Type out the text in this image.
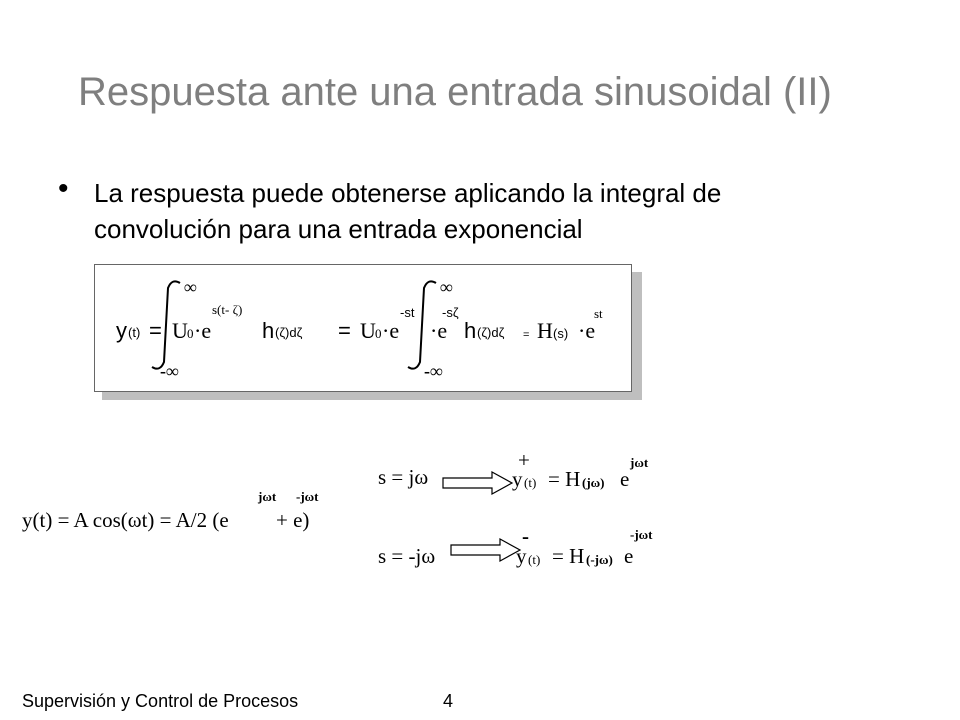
Respuesta ante una entrada sinusoidal (II)
• La respuesta puede obtenerse aplicando la integral de
convolución para una entrada exponencial
y (t) =
∞
-∞
U 0 ·e
s(t- ζ)
h (ζ)dζ = U 0 ·e
-st
∞
-∞
·e
-sζ
h (ζ)dζ = H (s) ·e
st
y(t) = A cos(ωt) = A/2 (e
jωt
+ e)
-jωt
s = jω
+
y (t) = H (jω) e
jωt
s = -jω
-
y (t) = H (-jω) e
-jωt
Supervisión y Control de Procesos	4
